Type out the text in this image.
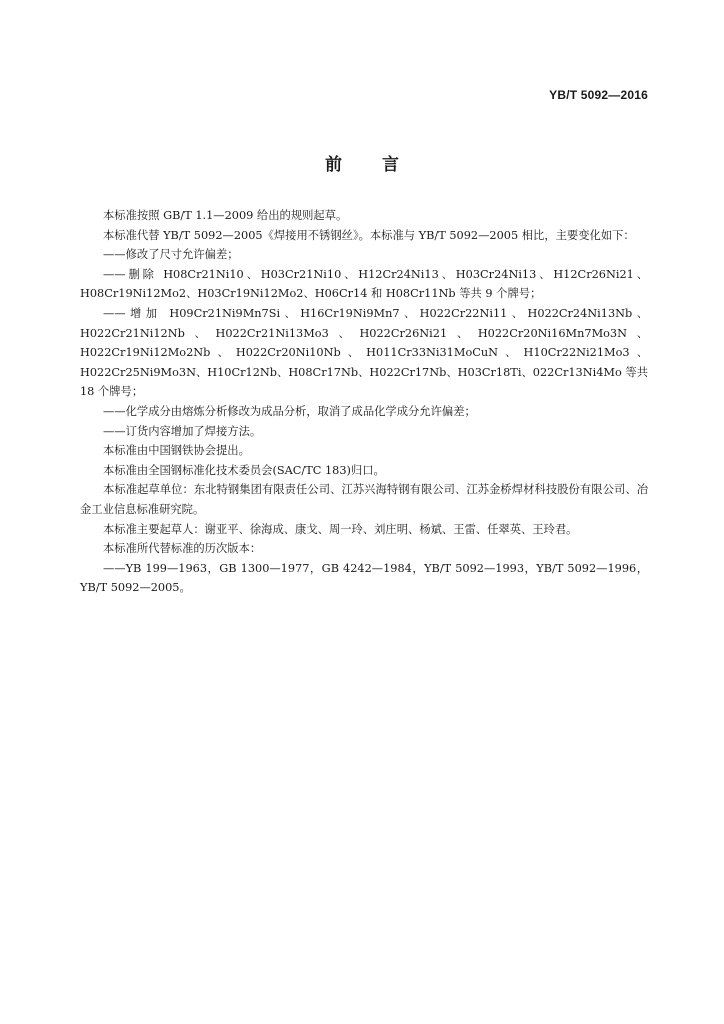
YB/T 5092—2016
前言

本标准按照 GB/T 1.1—2009 给出的规则起草。

本标准代替 YB/T 5092—2005《焊接用不锈钢丝》。本标准与 YB/T 5092—2005 相比，主要变化如下：

——修改了尺寸允许偏差；

——删除 H08Cr21Ni10、H03Cr21Ni10、H12Cr24Ni13、H03Cr24Ni13、H12Cr26Ni21、H08Cr19Ni12Mo2、H03Cr19Ni12Mo2、H06Cr14 和 H08Cr11Nb 等共 9 个牌号；

——增加 H09Cr21Ni9Mn7Si、H16Cr19Ni9Mn7、H022Cr22Ni11、H022Cr24Ni13Nb、H022Cr21Ni12Nb、H022Cr21Ni13Mo3、H022Cr26Ni21、H022Cr20Ni16Mn7Mo3N、H022Cr19Ni12Mo2Nb、H022Cr20Ni10Nb、H011Cr33Ni31MoCuN、H10Cr22Ni21Mo3、H022Cr25Ni9Mo3N、H10Cr12Nb、H08Cr17Nb、H022Cr17Nb、H03Cr18Ti、022Cr13Ni4Mo 等共 18 个牌号；

——化学成分由熔炼分析修改为成品分析，取消了成品化学成分允许偏差；

——订货内容增加了焊接方法。

本标准由中国钢铁协会提出。

本标准由全国钢标准化技术委员会(SAC/TC 183)归口。

本标准起草单位：东北特钢集团有限责任公司、江苏兴海特钢有限公司、江苏金桥焊材科技股份有限公司、冶金工业信息标准研究院。

本标准主要起草人：谢亚平、徐海成、康戈、周一玲、刘庄明、杨斌、王雷、任翠英、王玲君。

本标准所代替标准的历次版本：

——YB 199—1963，GB 1300—1977，GB 4242—1984，YB/T 5092—1993，YB/T 5092—1996，YB/T 5092—2005。
